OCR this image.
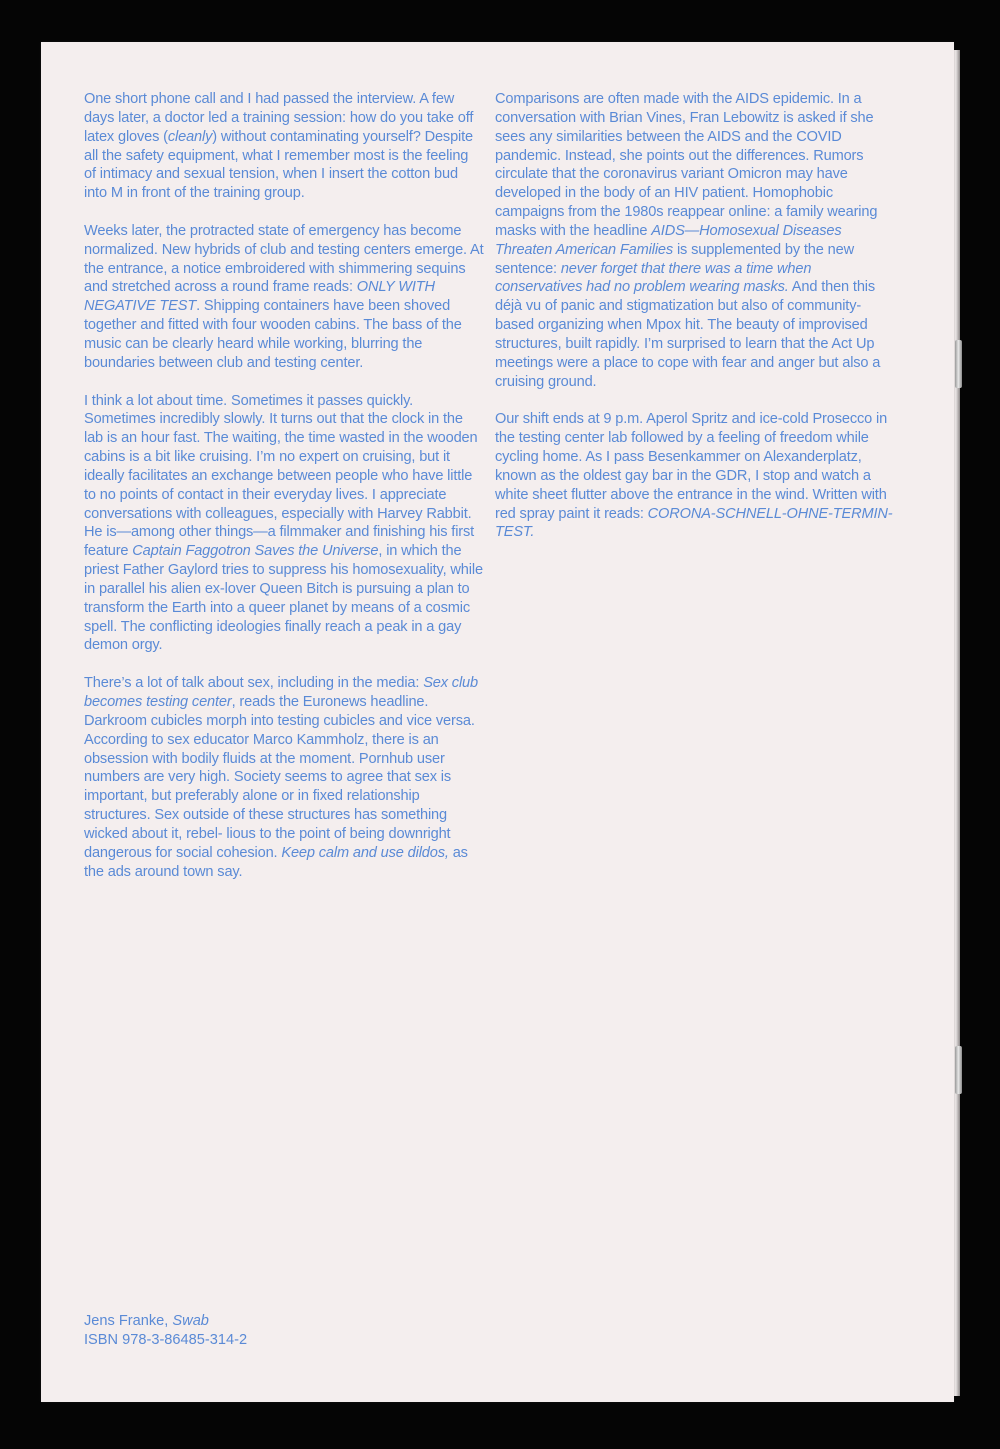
One short phone call and I had passed the interview. A few days later, a doctor led a training session: how do you take off latex gloves (cleanly) without contaminating yourself? Despite all the safety equipment, what I remember most is the feeling of intimacy and sexual tension, when I insert the cotton bud into M in front of the training group.

Weeks later, the protracted state of emergency has become normalized. New hybrids of club and testing centers emerge. At the entrance, a notice embroidered with shimmering sequins and stretched across a round frame reads: ONLY WITH NEGATIVE TEST. Shipping containers have been shoved together and fitted with four wooden cabins. The bass of the music can be clearly heard while working, blurring the boundaries between club and testing center.

I think a lot about time. Sometimes it passes quickly. Sometimes incredibly slowly. It turns out that the clock in the lab is an hour fast. The waiting, the time wasted in the wooden cabins is a bit like cruising. I’m no expert on cruising, but it ideally facilitates an exchange between people who have little to no points of contact in their everyday lives. I appreciate conversations with colleagues, especially with Harvey Rabbit. He is—among other things—a filmmaker and finishing his first feature Captain Faggotron Saves the Universe, in which the priest Father Gaylord tries to suppress his homosexuality, while in parallel his alien ex-lover Queen Bitch is pursuing a plan to transform the Earth into a queer planet by means of a cosmic spell. The conflicting ideologies finally reach a peak in a gay demon orgy.

There’s a lot of talk about sex, including in the media: Sex club becomes testing center, reads the Euronews headline. Darkroom cubicles morph into testing cubicles and vice versa. According to sex educator Marco Kammholz, there is an obsession with bodily fluids at the moment. Pornhub user numbers are very high. Society seems to agree that sex is important, but preferably alone or in fixed relationship structures. Sex outside of these structures has something wicked about it, rebel- lious to the point of being downright dangerous for social cohesion. Keep calm and use dildos, as the ads around town say.

Comparisons are often made with the AIDS epidemic. In a conversation with Brian Vines, Fran Lebowitz is asked if she sees any similarities between the AIDS and the COVID pandemic. Instead, she points out the differences. Rumors circulate that the coronavirus variant Omicron may have developed in the body of an HIV patient. Homophobic campaigns from the 1980s reappear online: a family wearing masks with the headline AIDS—Homosexual Diseases Threaten American Families is supplemented by the new sentence: never forget that there was a time when conservatives had no problem wearing masks. And then this déjà vu of panic and stigmatization but also of community-based organizing when Mpox hit. The beauty of improvised structures, built rapidly. I’m surprised to learn that the Act Up meetings were a place to cope with fear and anger but also a cruising ground.

Our shift ends at 9 p.m. Aperol Spritz and ice-cold Prosecco in the testing center lab followed by a feeling of freedom while cycling home. As I pass Besenkammer on Alexanderplatz, known as the oldest gay bar in the GDR, I stop and watch a white sheet flutter above the entrance in the wind. Written with red spray paint it reads: CORONA-SCHNELL-OHNE-TERMIN-TEST.

Jens Franke, Swab
ISBN 978-3-86485-314-2
